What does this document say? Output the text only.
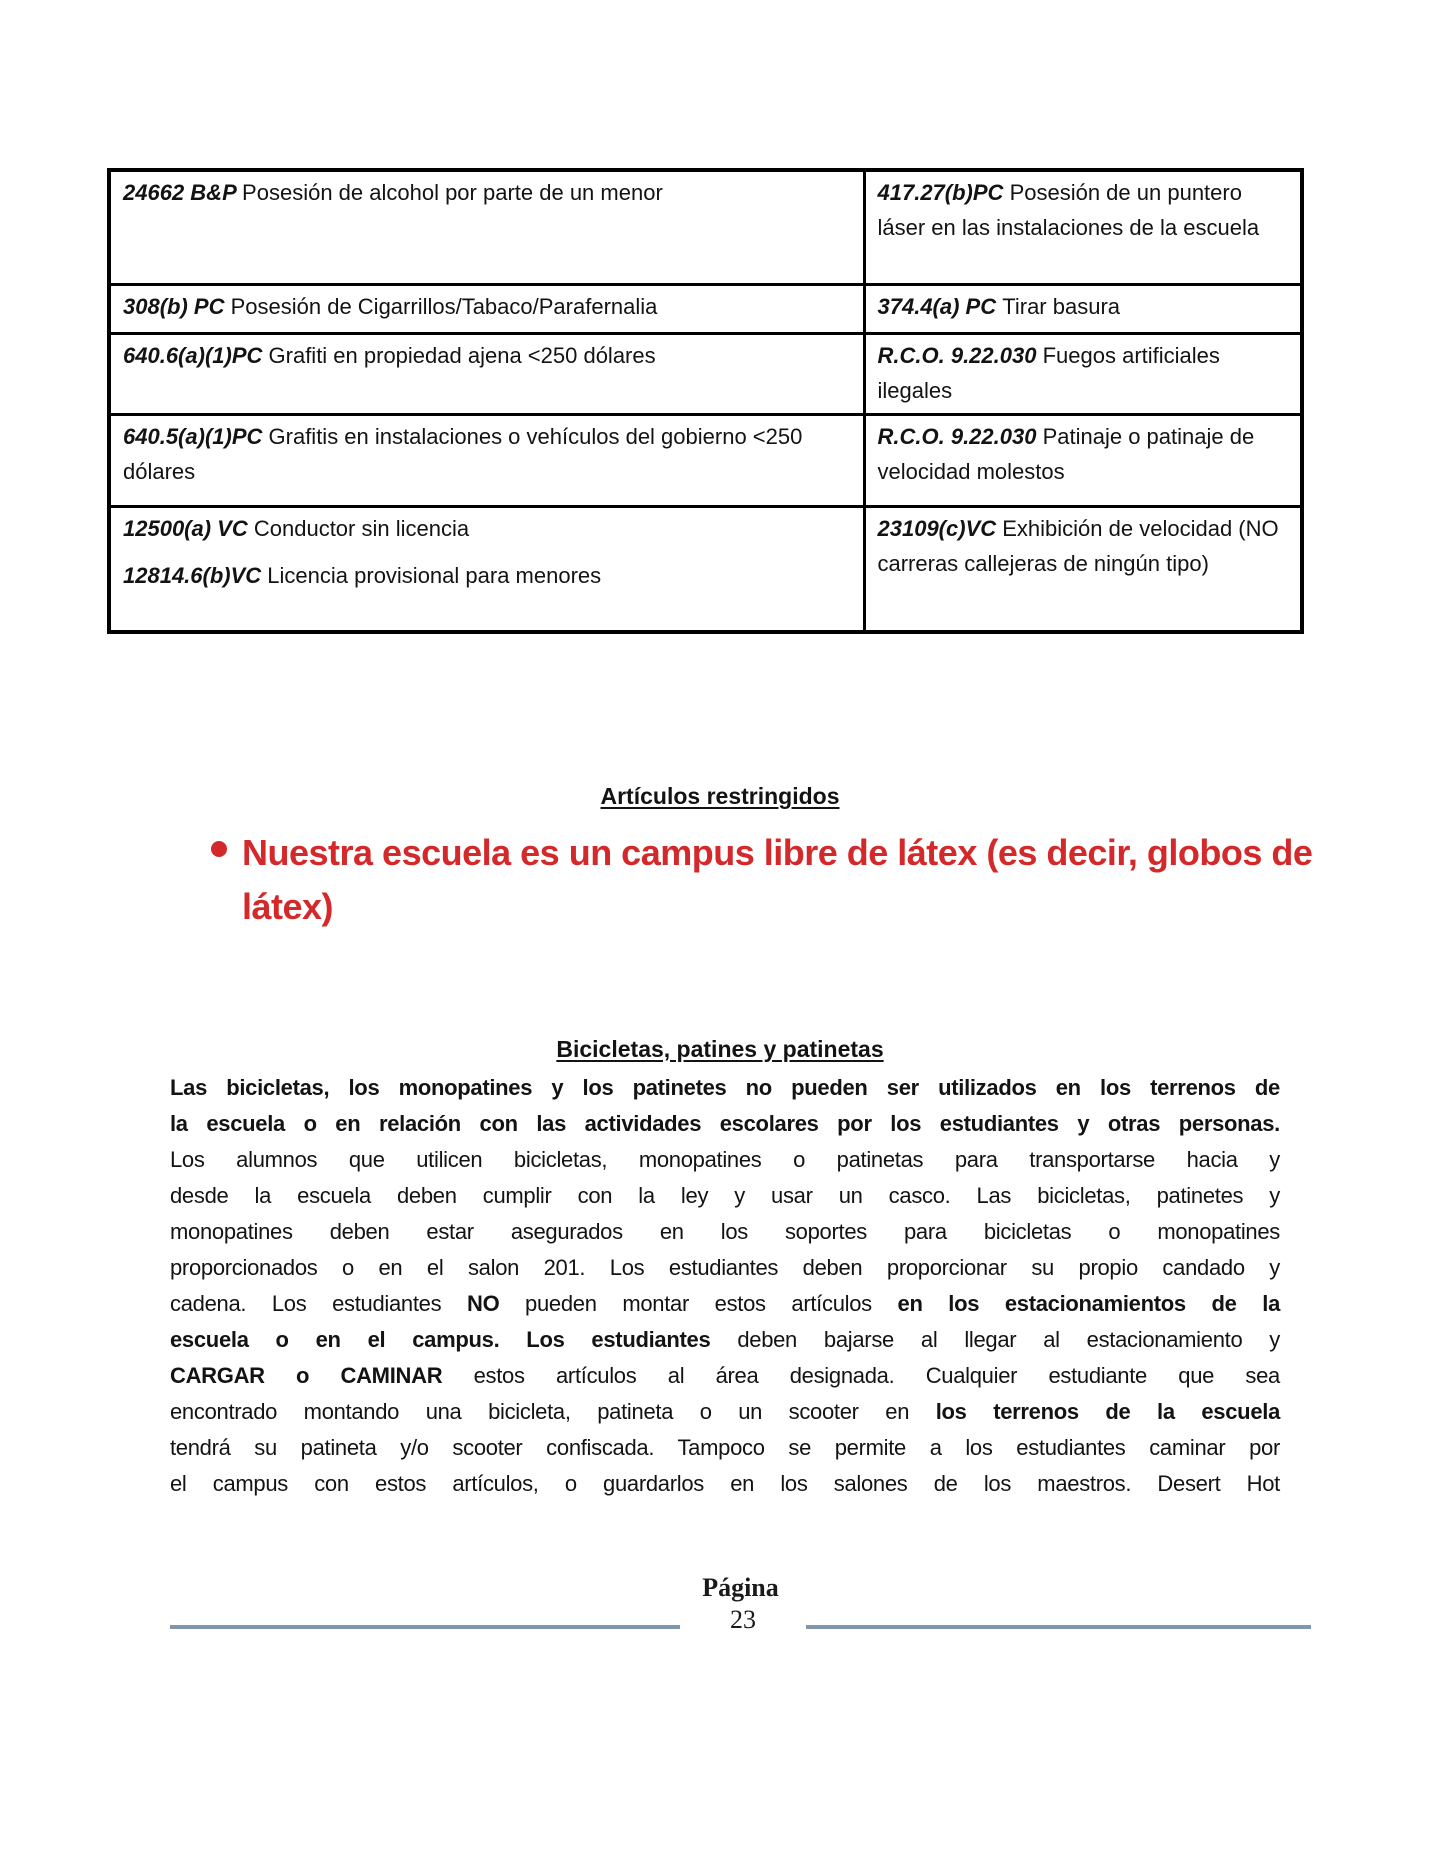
24662 B&P Posesión de alcohol por parte de un menor	417.27(b)PC Posesión de un puntero láser en las instalaciones de la escuela

308(b) PC Posesión de Cigarrillos/Tabaco/Parafernalia	374.4(a) PC Tirar basura

640.6(a)(1)PC Grafiti en propiedad ajena <250 dólares	R.C.O. 9.22.030 Fuegos artificiales ilegales

640.5(a)(1)PC Grafitis en instalaciones o vehículos del gobierno <250 dólares	R.C.O. 9.22.030 Patinaje o patinaje de velocidad molestos

12500(a) VC Conductor sin licencia
12814.6(b)VC Licencia provisional para menores	23109(c)VC Exhibición de velocidad (NO carreras callejeras de ningún tipo)
Artículos restringidos
Nuestra escuela es un campus libre de látex (es decir, globos de látex)
Bicicletas, patines y patinetas

Las bicicletas, los monopatines y los patinetes no pueden ser utilizados en los terrenos de
la escuela o en relación con las actividades escolares por los estudiantes y otras personas.
Los alumnos que utilicen bicicletas, monopatines o patinetas para transportarse hacia y
desde la escuela deben cumplir con la ley y usar un casco. Las bicicletas, patinetes y
monopatines deben estar asegurados en los soportes para bicicletas o monopatines
proporcionados o en el salon 201. Los estudiantes deben proporcionar su propio candado y
cadena. Los estudiantes NO pueden montar estos artículos en los estacionamientos de la
escuela o en el campus. Los estudiantes deben bajarse al llegar al estacionamiento y
CARGAR o CAMINAR estos artículos al área designada. Cualquier estudiante que sea
encontrado montando una bicicleta, patineta o un scooter en los terrenos de la escuela
tendrá su patineta y/o scooter confiscada. Tampoco se permite a los estudiantes caminar por
el campus con estos artículos, o guardarlos en los salones de los maestros. Desert Hot

Página
23
